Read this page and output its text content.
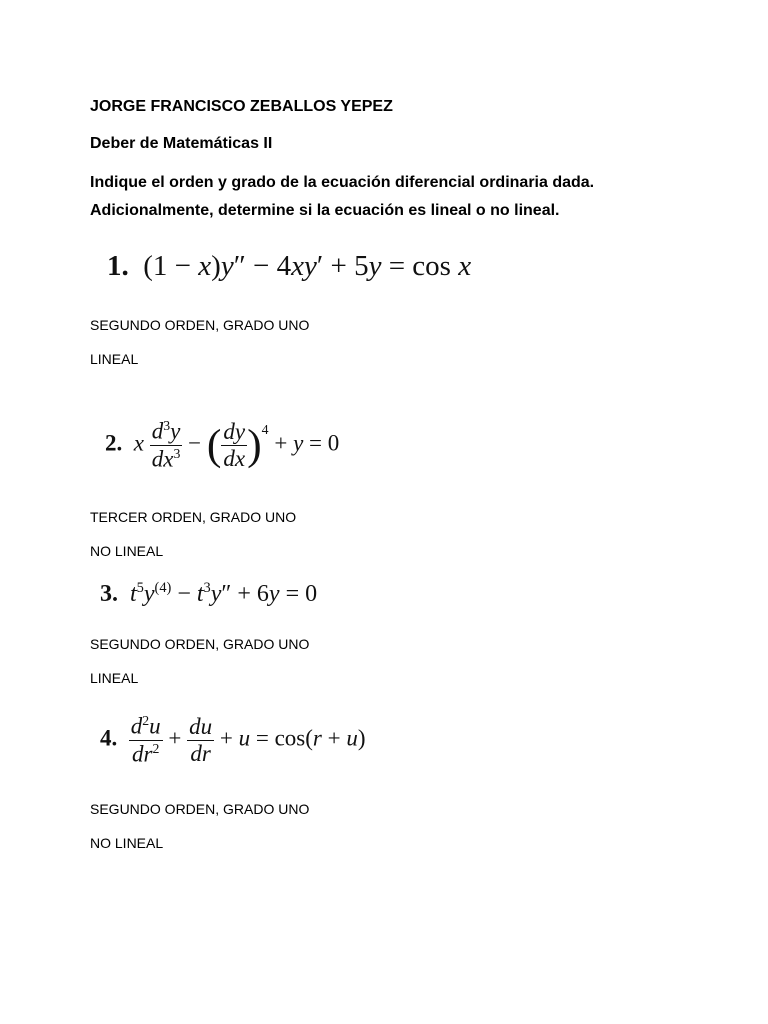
JORGE FRANCISCO ZEBALLOS YEPEZ
Deber de Matemáticas II
Indique el orden y grado de la ecuación diferencial ordinaria dada.
Adicionalmente, determine si la ecuación es lineal o no lineal.
1.  (1 − x)y″ − 4xy′ + 5y = cos x
SEGUNDO ORDEN, GRADO UNO
LINEAL
2. x $\frac{d^3y}{dx^3}$ − ( $\frac{dy}{dx} )^4 + y = 0$
TERCER ORDEN, GRADO UNO
NO LINEAL
3. $t^5y^{(4)} - t^3y'' + 6y = 0$
SEGUNDO ORDEN, GRADO UNO
LINEAL
4. $\frac{d^2u}{dr^2} + \frac{du}{dr} + u = \cos(r + u)$
SEGUNDO ORDEN, GRADO UNO
NO LINEAL
